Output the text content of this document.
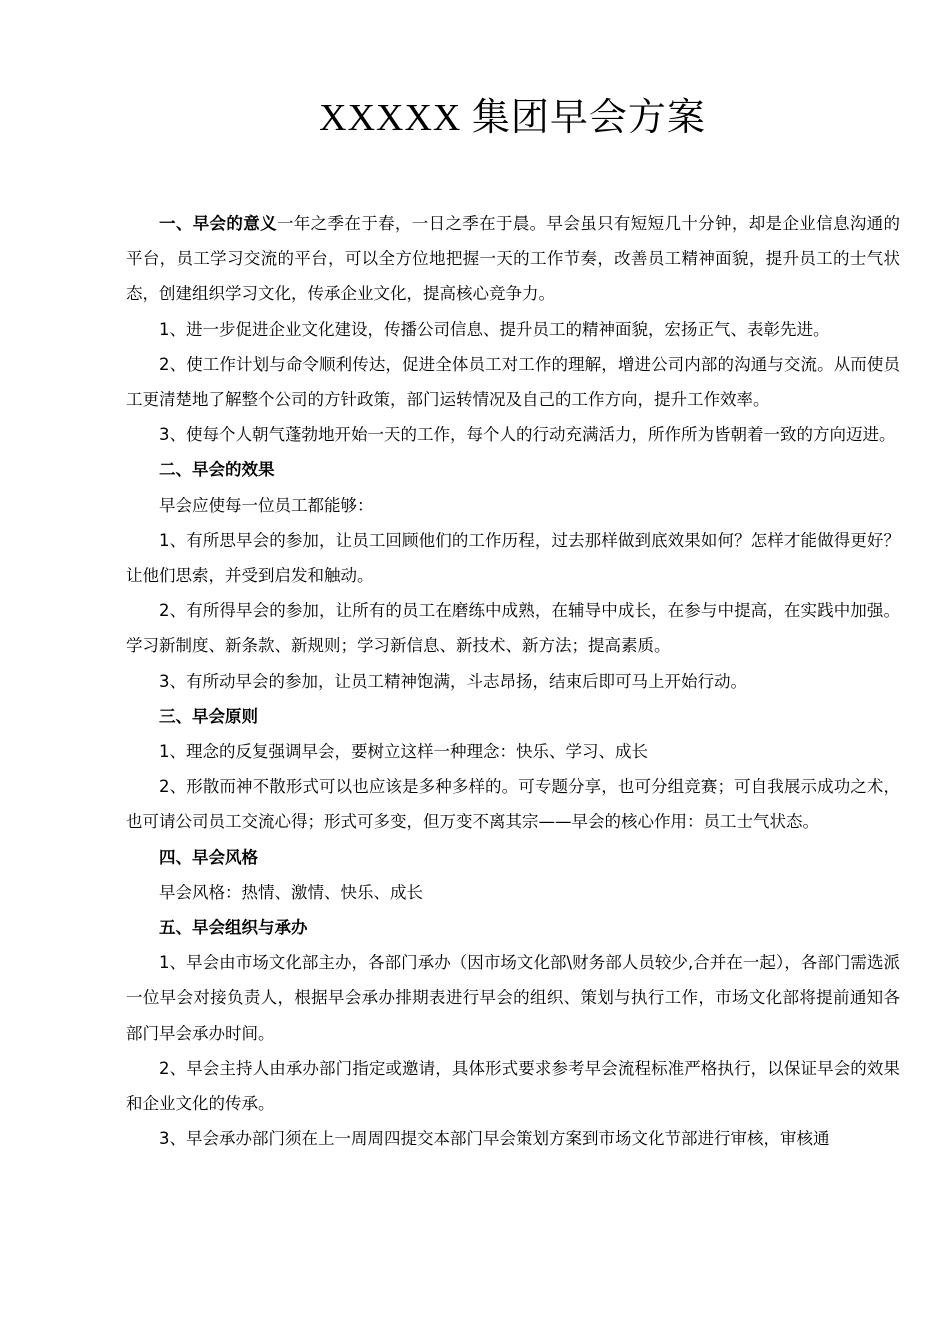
XXXXX 集团早会方案

一、早会的意义一年之季在于春，一日之季在于晨。早会虽只有短短几十分钟，却是企业信息沟通的平台，员工学习交流的平台，可以全方位地把握一天的工作节奏，改善员工精神面貌，提升员工的士气状态，创建组织学习文化，传承企业文化，提高核心竞争力。

1、进一步促进企业文化建设，传播公司信息、提升员工的精神面貌，宏扬正气、表彰先进。

2、使工作计划与命令顺利传达，促进全体员工对工作的理解，增进公司内部的沟通与交流。从而使员工更清楚地了解整个公司的方针政策，部门运转情况及自己的工作方向，提升工作效率。

3、使每个人朝气蓬勃地开始一天的工作，每个人的行动充满活力，所作所为皆朝着一致的方向迈进。

二、早会的效果

早会应使每一位员工都能够：

1、有所思早会的参加，让员工回顾他们的工作历程，过去那样做到底效果如何？怎样才能做得更好？让他们思索，并受到启发和触动。

2、有所得早会的参加，让所有的员工在磨练中成熟，在辅导中成长，在参与中提高，在实践中加强。学习新制度、新条款、新规则；学习新信息、新技术、新方法；提高素质。

3、有所动早会的参加，让员工精神饱满，斗志昂扬，结束后即可马上开始行动。

三、早会原则

1、理念的反复强调早会，要树立这样一种理念：快乐、学习、成长

2、形散而神不散形式可以也应该是多种多样的。可专题分享，也可分组竞赛；可自我展示成功之术，也可请公司员工交流心得；形式可多变，但万变不离其宗——早会的核心作用：员工士气状态。

四、早会风格

早会风格：热情、激情、快乐、成长

五、早会组织与承办

1、早会由市场文化部主办，各部门承办（因市场文化部\财务部人员较少,合并在一起），各部门需选派一位早会对接负责人，根据早会承办排期表进行早会的组织、策划与执行工作，市场文化部将提前通知各部门早会承办时间。

2、早会主持人由承办部门指定或邀请，具体形式要求参考早会流程标准严格执行，以保证早会的效果和企业文化的传承。

3、早会承办部门须在上一周周四提交本部门早会策划方案到市场文化节部进行审核，审核通
